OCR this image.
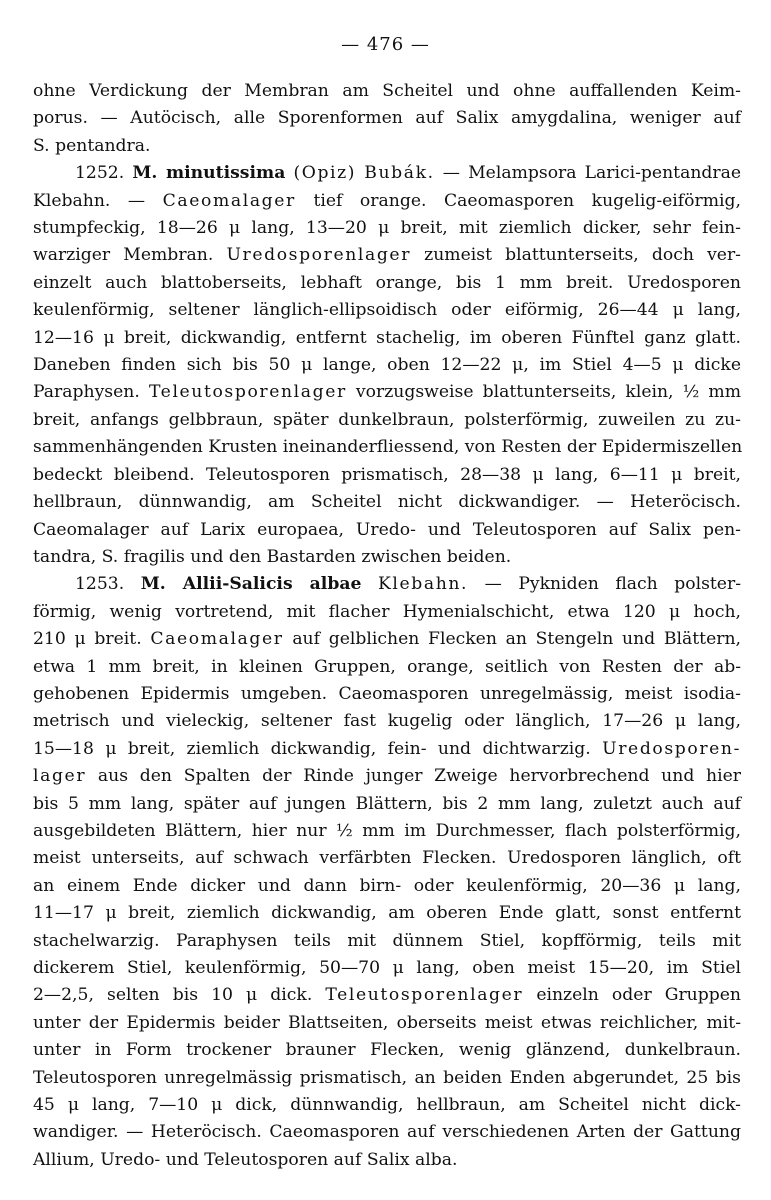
— 476 —
ohne Verdickung der Membran am Scheitel und ohne auffallenden Keim-
porus. — Autöcisch, alle Sporenformen auf Salix amygdalina, weniger auf
S. pentandra.
1252. M. minutissima (Opiz) Bubák. — Melampsora Larici-pentandrae
Klebahn. — Caeomalager tief orange. Caeomasporen kugelig-eiförmig,
stumpfeckig, 18—26 μ lang, 13—20 μ breit, mit ziemlich dicker, sehr fein-
warziger Membran. Uredosporenlager zumeist blattunterseits, doch ver-
einzelt auch blattoberseits, lebhaft orange, bis 1 mm breit. Uredosporen
keulenförmig, seltener länglich-ellipsoidisch oder eiförmig, 26—44 μ lang,
12—16 μ breit, dickwandig, entfernt stachelig, im oberen Fünftel ganz glatt.
Daneben finden sich bis 50 μ lange, oben 12—22 μ, im Stiel 4—5 μ dicke
Paraphysen. Teleutosporenlager vorzugsweise blattunterseits, klein, ½ mm
breit, anfangs gelbbraun, später dunkelbraun, polsterförmig, zuweilen zu zu-
sammenhängenden Krusten ineinanderfliessend, von Resten der Epidermiszellen
bedeckt bleibend. Teleutosporen prismatisch, 28—38 μ lang, 6—11 μ breit,
hellbraun, dünnwandig, am Scheitel nicht dickwandiger. — Heteröcisch.
Caeomalager auf Larix europaea, Uredo- und Teleutosporen auf Salix pen-
tandra, S. fragilis und den Bastarden zwischen beiden.
1253. M. Allii-Salicis albae Klebahn. — Pykniden flach polster-
förmig, wenig vortretend, mit flacher Hymenialschicht, etwa 120 μ hoch,
210 μ breit. Caeomalager auf gelblichen Flecken an Stengeln und Blättern,
etwa 1 mm breit, in kleinen Gruppen, orange, seitlich von Resten der ab-
gehobenen Epidermis umgeben. Caeomasporen unregelmässig, meist isodia-
metrisch und vieleckig, seltener fast kugelig oder länglich, 17—26 μ lang,
15—18 μ breit, ziemlich dickwandig, fein- und dichtwarzig. Uredosporen-
lager aus den Spalten der Rinde junger Zweige hervorbrechend und hier
bis 5 mm lang, später auf jungen Blättern, bis 2 mm lang, zuletzt auch auf
ausgebildeten Blättern, hier nur ½ mm im Durchmesser, flach polsterförmig,
meist unterseits, auf schwach verfärbten Flecken. Uredosporen länglich, oft
an einem Ende dicker und dann birn- oder keulenförmig, 20—36 μ lang,
11—17 μ breit, ziemlich dickwandig, am oberen Ende glatt, sonst entfernt
stachelwarzig. Paraphysen teils mit dünnem Stiel, kopfförmig, teils mit
dickerem Stiel, keulenförmig, 50—70 μ lang, oben meist 15—20, im Stiel
2—2,5, selten bis 10 μ dick. Teleutosporenlager einzeln oder Gruppen
unter der Epidermis beider Blattseiten, oberseits meist etwas reichlicher, mit-
unter in Form trockener brauner Flecken, wenig glänzend, dunkelbraun.
Teleutosporen unregelmässig prismatisch, an beiden Enden abgerundet, 25 bis
45 μ lang, 7—10 μ dick, dünnwandig, hellbraun, am Scheitel nicht dick-
wandiger. — Heteröcisch. Caeomasporen auf verschiedenen Arten der Gattung
Allium, Uredo- und Teleutosporen auf Salix alba.
